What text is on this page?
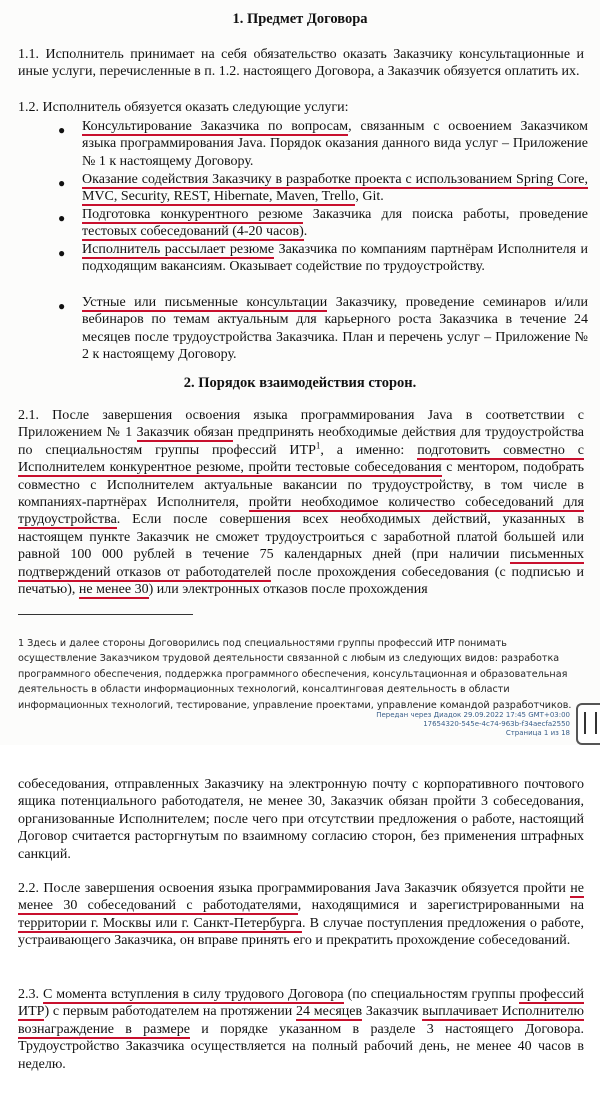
1. Предмет Договора

1.1. Исполнитель принимает на себя обязательство оказать Заказчику консультационные и иные услуги, перечисленные в п. 1.2. настоящего Договора, а Заказчик обязуется оплатить их.

1.2. Исполнитель обязуется оказать следующие услуги:

● Консультирование Заказчика по вопросам, связанным с освоением Заказчиком языка программирования Java. Порядок оказания данного вида услуг – Приложение № 1 к настоящему Договору.

● Оказание содействия Заказчику в разработке проекта с использованием Spring Core, MVC, Security, REST, Hibernate, Maven, Trello, Git.

● Подготовка конкурентного резюме Заказчика для поиска работы, проведение тестовых собеседований (4-20 часов).

● Исполнитель рассылает резюме Заказчика по компаниям партнёрам Исполнителя и подходящим вакансиям. Оказывает содействие по трудоустройству.

● Устные или письменные консультации Заказчику, проведение семинаров и/или вебинаров по темам актуальным для карьерного роста Заказчика в течение 24 месяцев после трудоустройства Заказчика. План и перечень услуг – Приложение № 2 к настоящему Договору.

2. Порядок взаимодействия сторон.

2.1. После завершения освоения языка программирования Java в соответствии с Приложением № 1 Заказчик обязан предпринять необходимые действия для трудоустройства по специальностям группы профессий ИТР$^1$, а именно: подготовить совместно с Исполнителем конкурентное резюме, пройти тестовые собеседования с ментором, подобрать совместно с Исполнителем актуальные вакансии по трудоустройству, в том числе в компаниях-партнёрах Исполнителя, пройти необходимое количество собеседований для трудоустройства. Если после совершения всех необходимых действий, указанных в настоящем пункте Заказчик не сможет трудоустроиться с заработной платой большей или равной 100 000 рублей в течение 75 календарных дней (при наличии письменных подтверждений отказов от работодателей после прохождения собеседования (с подписью и печатью), не менее 30) или электронных отказов после прохождения

1 Здесь и далее стороны Договорились под специальностями группы профессий ИТР понимать осуществление Заказчиком трудовой деятельности связанной с любым из следующих видов: разработка программного обеспечения, поддержка программного обеспечения, консультационная и образовательная деятельность в области информационных технологий, консалтинговая деятельность в области информационных технологий, тестирование, управление проектами, управление командой разработчиков.

Передан через Диадок 29.09.2022 17:45 GMT+03:00
17654320-545e-4c74-963b-f34aecfa2550
Страница 1 из 18

собеседования, отправленных Заказчику на электронную почту с корпоративного почтового ящика потенциального работодателя, не менее 30, Заказчик обязан пройти 3 собеседования, организованные Исполнителем; после чего при отсутствии предложения о работе, настоящий Договор считается расторгнутым по взаимному согласию сторон, без применения штрафных санкций.

2.2. После завершения освоения языка программирования Java Заказчик обязуется пройти не менее 30 собеседований с работодателями, находящимися и зарегистрированными на территории г. Москвы или г. Санкт-Петербурга. В случае поступления предложения о работе, устраивающего Заказчика, он вправе принять его и прекратить прохождение собеседований.

2.3. С момента вступления в силу трудового Договора (по специальностям группы профессий ИТР) с первым работодателем на протяжении 24 месяцев Заказчик выплачивает Исполнителю вознаграждение в размере и порядке указанном в разделе 3 настоящего Договора. Трудоустройство Заказчика осуществляется на полный рабочий день, не менее 40 часов в неделю.
